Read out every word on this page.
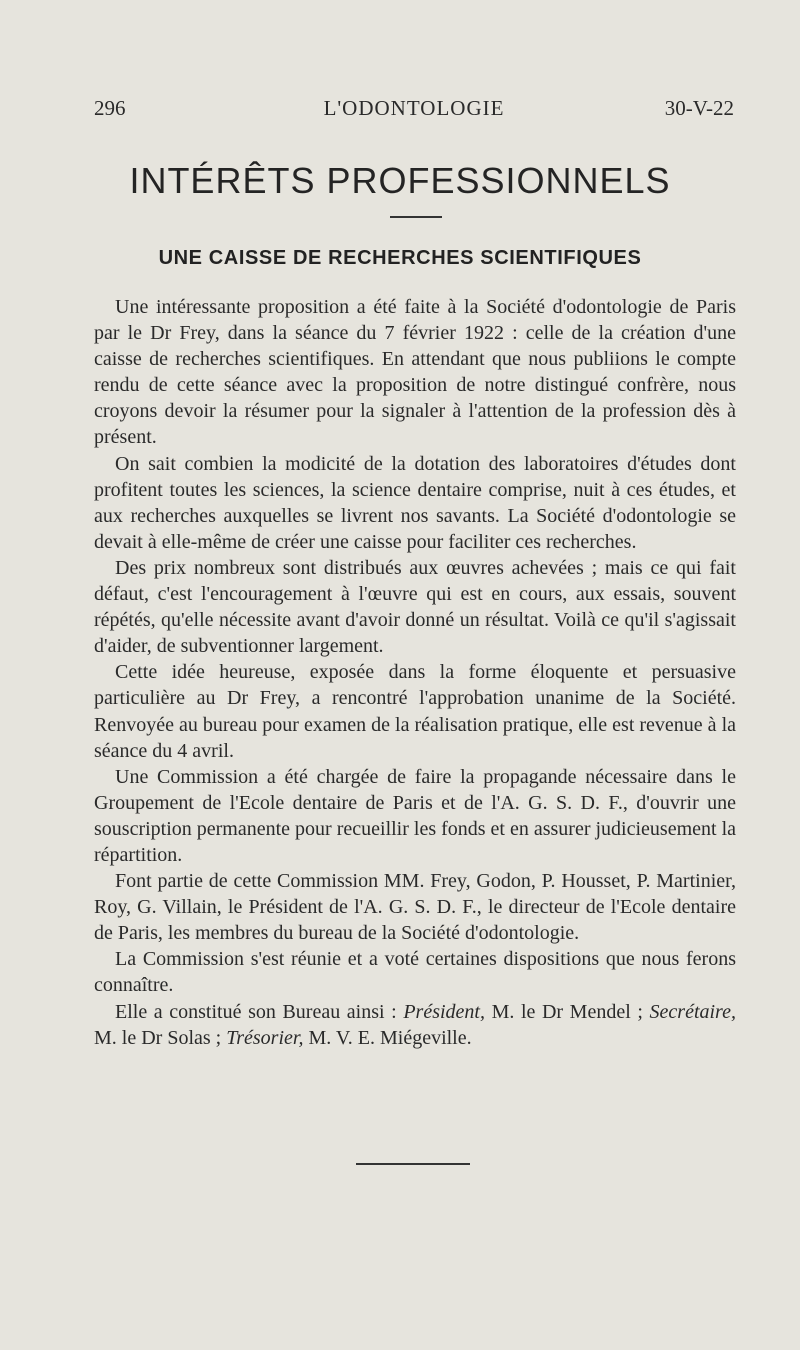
296	L'ODONTOLOGIE	30-V-22
INTÉRÊTS PROFESSIONNELS
UNE CAISSE DE RECHERCHES SCIENTIFIQUES

Une intéressante proposition a été faite à la Société d'odontologie de Paris par le Dr Frey, dans la séance du 7 février 1922 : celle de la création d'une caisse de recherches scientifiques. En attendant que nous publiions le compte rendu de cette séance avec la proposition de notre distingué confrère, nous croyons devoir la résumer pour la signaler à l'attention de la profession dès à présent.

On sait combien la modicité de la dotation des laboratoires d'études dont profitent toutes les sciences, la science dentaire comprise, nuit à ces études, et aux recherches auxquelles se livrent nos savants. La Société d'odontologie se devait à elle-même de créer une caisse pour faciliter ces recherches.

Des prix nombreux sont distribués aux œuvres achevées ; mais ce qui fait défaut, c'est l'encouragement à l'œuvre qui est en cours, aux essais, souvent répétés, qu'elle nécessite avant d'avoir donné un résultat. Voilà ce qu'il s'agissait d'aider, de subventionner largement.

Cette idée heureuse, exposée dans la forme éloquente et persuasive particulière au Dr Frey, a rencontré l'approbation unanime de la Société. Renvoyée au bureau pour examen de la réalisation pratique, elle est revenue à la séance du 4 avril.

Une Commission a été chargée de faire la propagande nécessaire dans le Groupement de l'Ecole dentaire de Paris et de l'A. G. S. D. F., d'ouvrir une souscription permanente pour recueillir les fonds et en assurer judicieusement la répartition.

Font partie de cette Commission MM. Frey, Godon, P. Housset, P. Martinier, Roy, G. Villain, le Président de l'A. G. S. D. F., le directeur de l'Ecole dentaire de Paris, les membres du bureau de la Société d'odontologie.

La Commission s'est réunie et a voté certaines dispositions que nous ferons connaître.

Elle a constitué son Bureau ainsi : Président, M. le Dr Mendel ; Secrétaire, M. le Dr Solas ; Trésorier, M. V. E. Miégeville.
